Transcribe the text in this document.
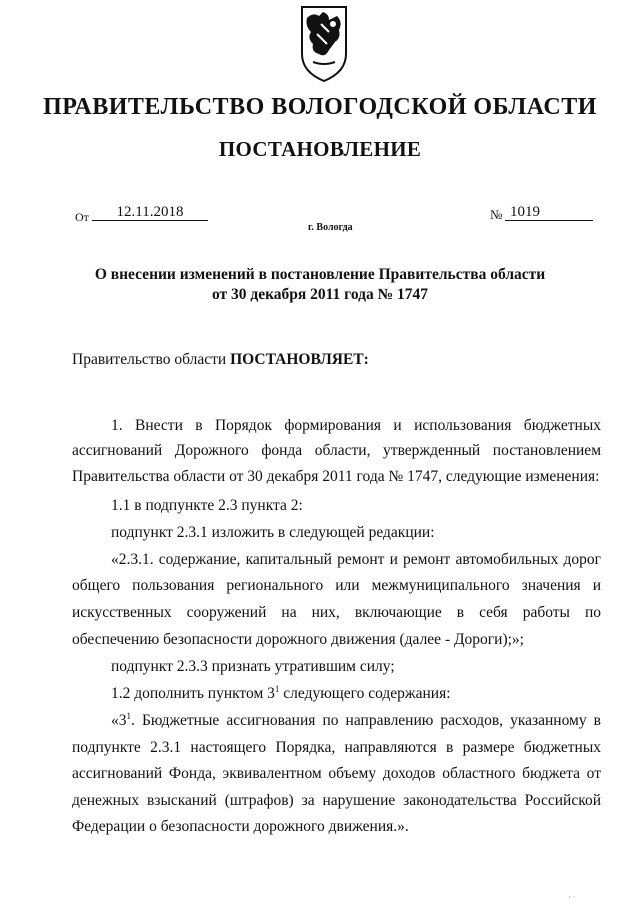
ПРАВИТЕЛЬСТВО ВОЛОГОДСКОЙ ОБЛАСТИ
ПОСТАНОВЛЕНИЕ
От	12.11.2018	№ 1019
г. Вологда
О внесении изменений в постановление Правительства области
от 30 декабря 2011 года № 1747
Правительство области ПОСТАНОВЛЯЕТ:
1. Внести в Порядок формирования и использования бюджетных
ассигнований Дорожного фонда области, утвержденный постановлением
Правительства области от 30 декабря 2011 года № 1747, следующие изменения:
1.1 в подпункте 2.3 пункта 2:
подпункт 2.3.1 изложить в следующей редакции:
«2.3.1. содержание, капитальный ремонт и ремонт автомобильных дорог
общего пользования регионального или межмуниципального значения и
искусственных сооружений на них, включающие в себя работы по
обеспечению безопасности дорожного движения (далее - Дороги);»;
подпункт 2.3.3 признать утратившим силу;
1.2 дополнить пунктом $3^1$ следующего содержания:
«$3^1$ . Бюджетные ассигнования по направлению расходов, указанному в
подпункте 2.3.1 настоящего Порядка, направляются в размере бюджетных
ассигнований Фонда, эквивалентном объему доходов областного бюджета от
денежных взысканий (штрафов) за нарушение законодательства Российской
Федерации о безопасности дорожного движения.».
· ·
